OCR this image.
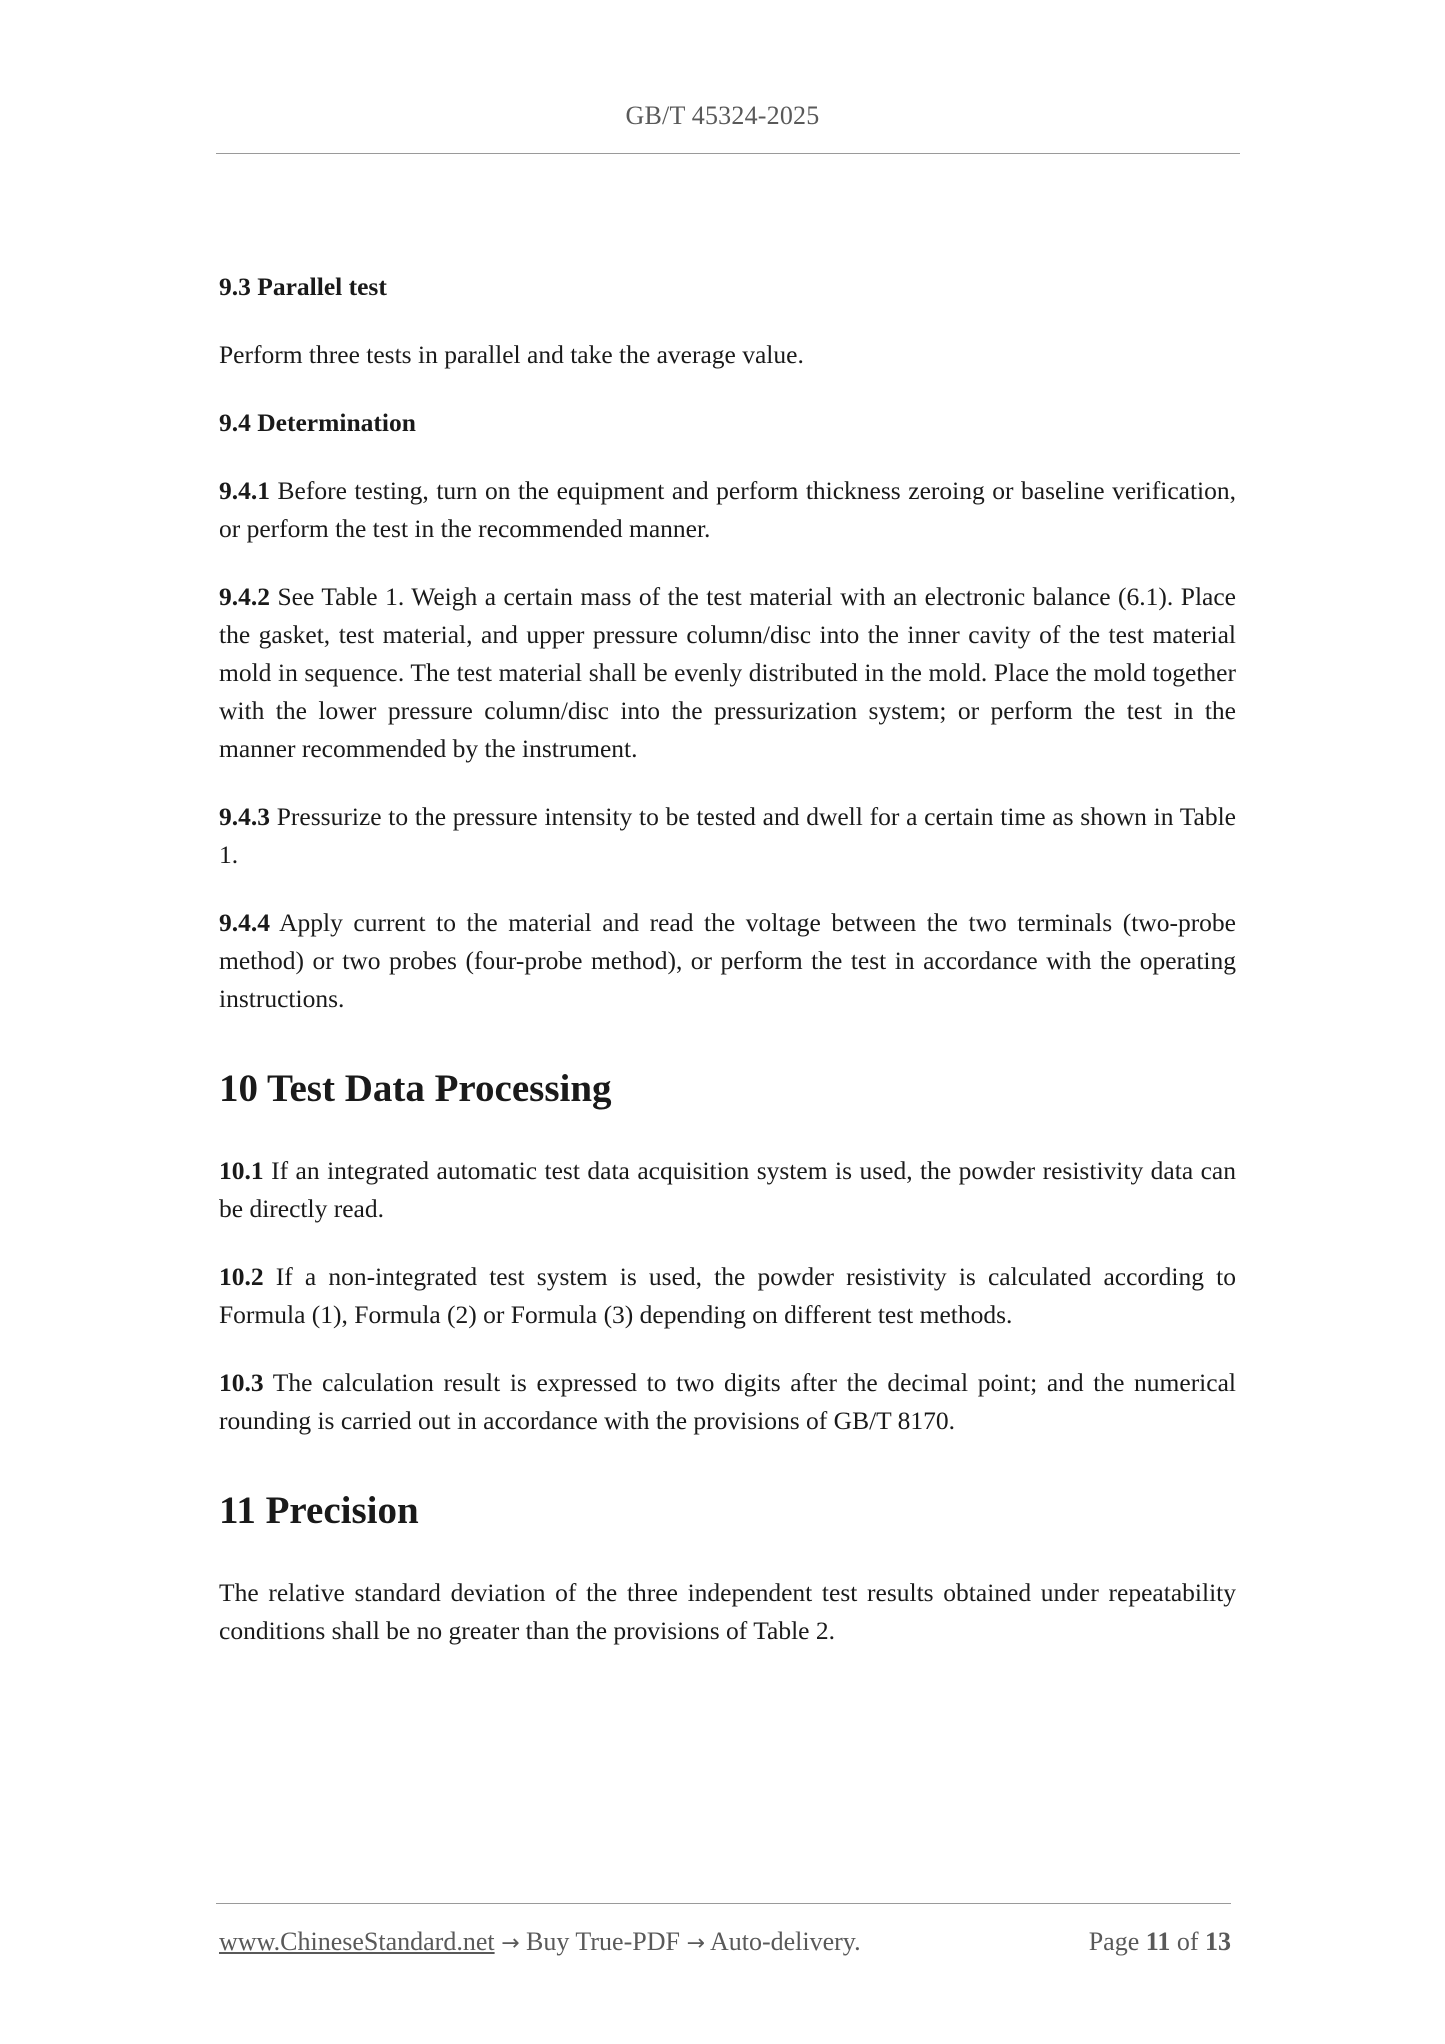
GB/T 45324-2025
9.3 Parallel test

Perform three tests in parallel and take the average value.

9.4 Determination

9.4.1 Before testing, turn on the equipment and perform thickness zeroing or baseline verification, or perform the test in the recommended manner.

9.4.2 See Table 1. Weigh a certain mass of the test material with an electronic balance (6.1). Place the gasket, test material, and upper pressure column/disc into the inner cavity of the test material mold in sequence. The test material shall be evenly distributed in the mold. Place the mold together with the lower pressure column/disc into the pressurization system; or perform the test in the manner recommended by the instrument.

9.4.3 Pressurize to the pressure intensity to be tested and dwell for a certain time as shown in Table 1.

9.4.4 Apply current to the material and read the voltage between the two terminals (two-probe method) or two probes (four-probe method), or perform the test in accordance with the operating instructions.

10 Test Data Processing

10.1 If an integrated automatic test data acquisition system is used, the powder resistivity data can be directly read.

10.2 If a non-integrated test system is used, the powder resistivity is calculated according to Formula (1), Formula (2) or Formula (3) depending on different test methods.

10.3 The calculation result is expressed to two digits after the decimal point; and the numerical rounding is carried out in accordance with the provisions of GB/T 8170.

11 Precision

The relative standard deviation of the three independent test results obtained under repeatability conditions shall be no greater than the provisions of Table 2.

www.ChineseStandard.net → Buy True-PDF → Auto-delivery.	Page 11 of 13
